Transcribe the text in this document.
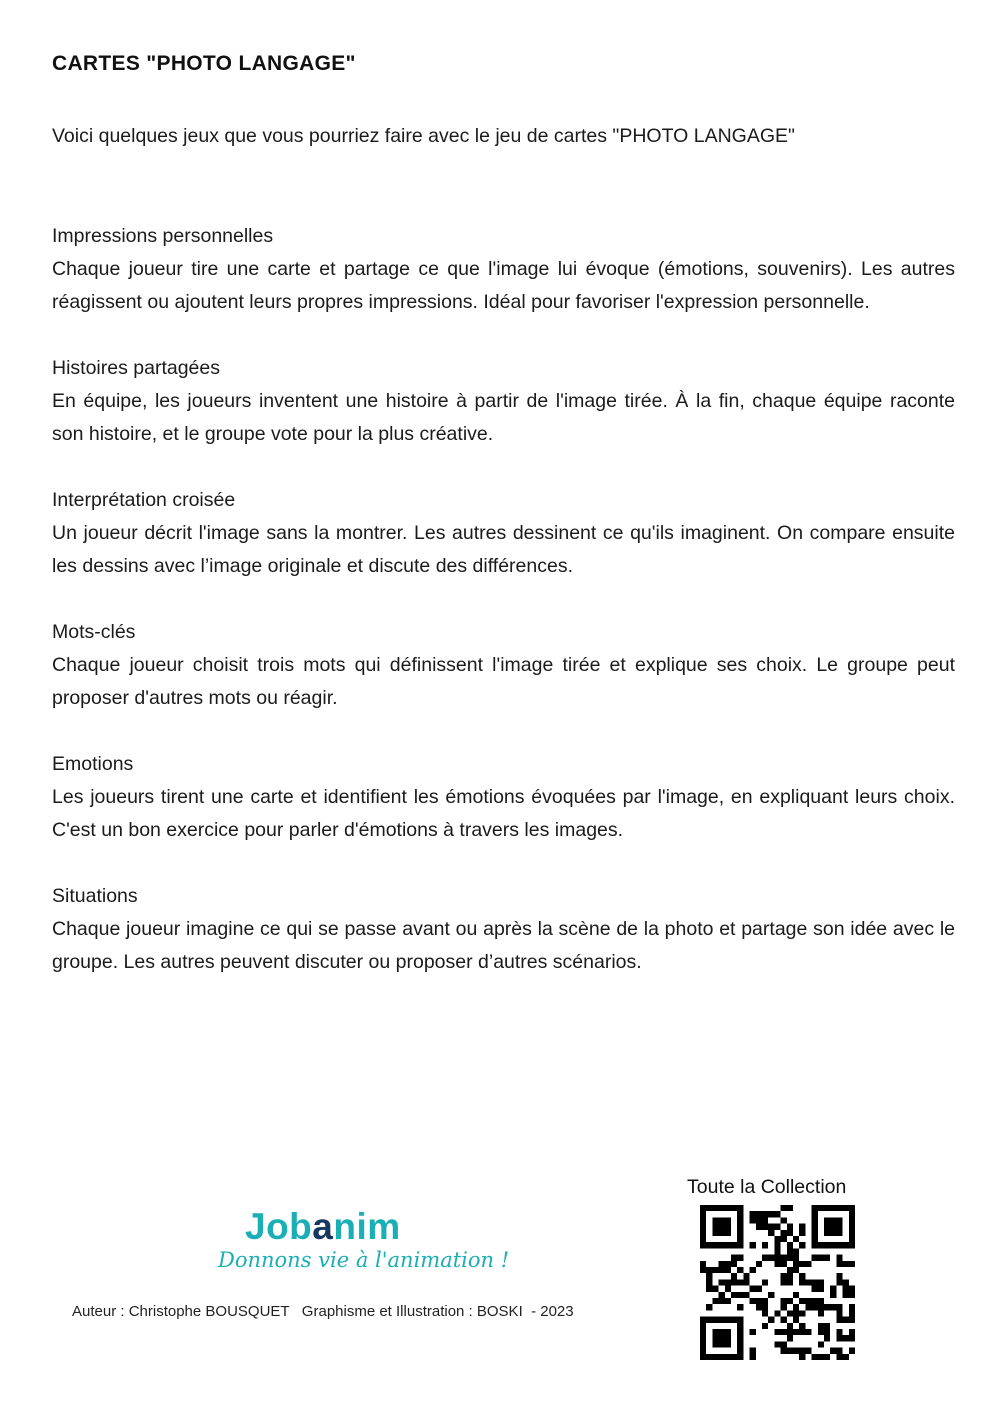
CARTES "PHOTO LANGAGE"

Voici quelques jeux que vous pourriez faire avec le jeu de cartes "PHOTO LANGAGE"

Impressions personnelles

Chaque joueur tire une carte et partage ce que l'image lui évoque (émotions, souvenirs). Les autres réagissent ou ajoutent leurs propres impressions. Idéal pour favoriser l'expression personnelle.

Histoires partagées

En équipe, les joueurs inventent une histoire à partir de l'image tirée. À la fin, chaque équipe raconte son histoire, et le groupe vote pour la plus créative.

Interprétation croisée

Un joueur décrit l'image sans la montrer. Les autres dessinent ce qu'ils imaginent. On compare ensuite les dessins avec l’image originale et discute des différences.

Mots-clés

Chaque joueur choisit trois mots qui définissent l'image tirée et explique ses choix. Le groupe peut proposer d'autres mots ou réagir.

Emotions

Les joueurs tirent une carte et identifient les émotions évoquées par l'image, en expliquant leurs choix. C'est un bon exercice pour parler d'émotions à travers les images.

Situations

Chaque joueur imagine ce qui se passe avant ou après la scène de la photo et partage son idée avec le groupe. Les autres peuvent discuter ou proposer d’autres scénarios.

Toute la Collection
Jobanim
Donnons vie à l'animation !
Auteur : Christophe BOUSQUET   Graphisme et Illustration : BOSKI  - 2023
